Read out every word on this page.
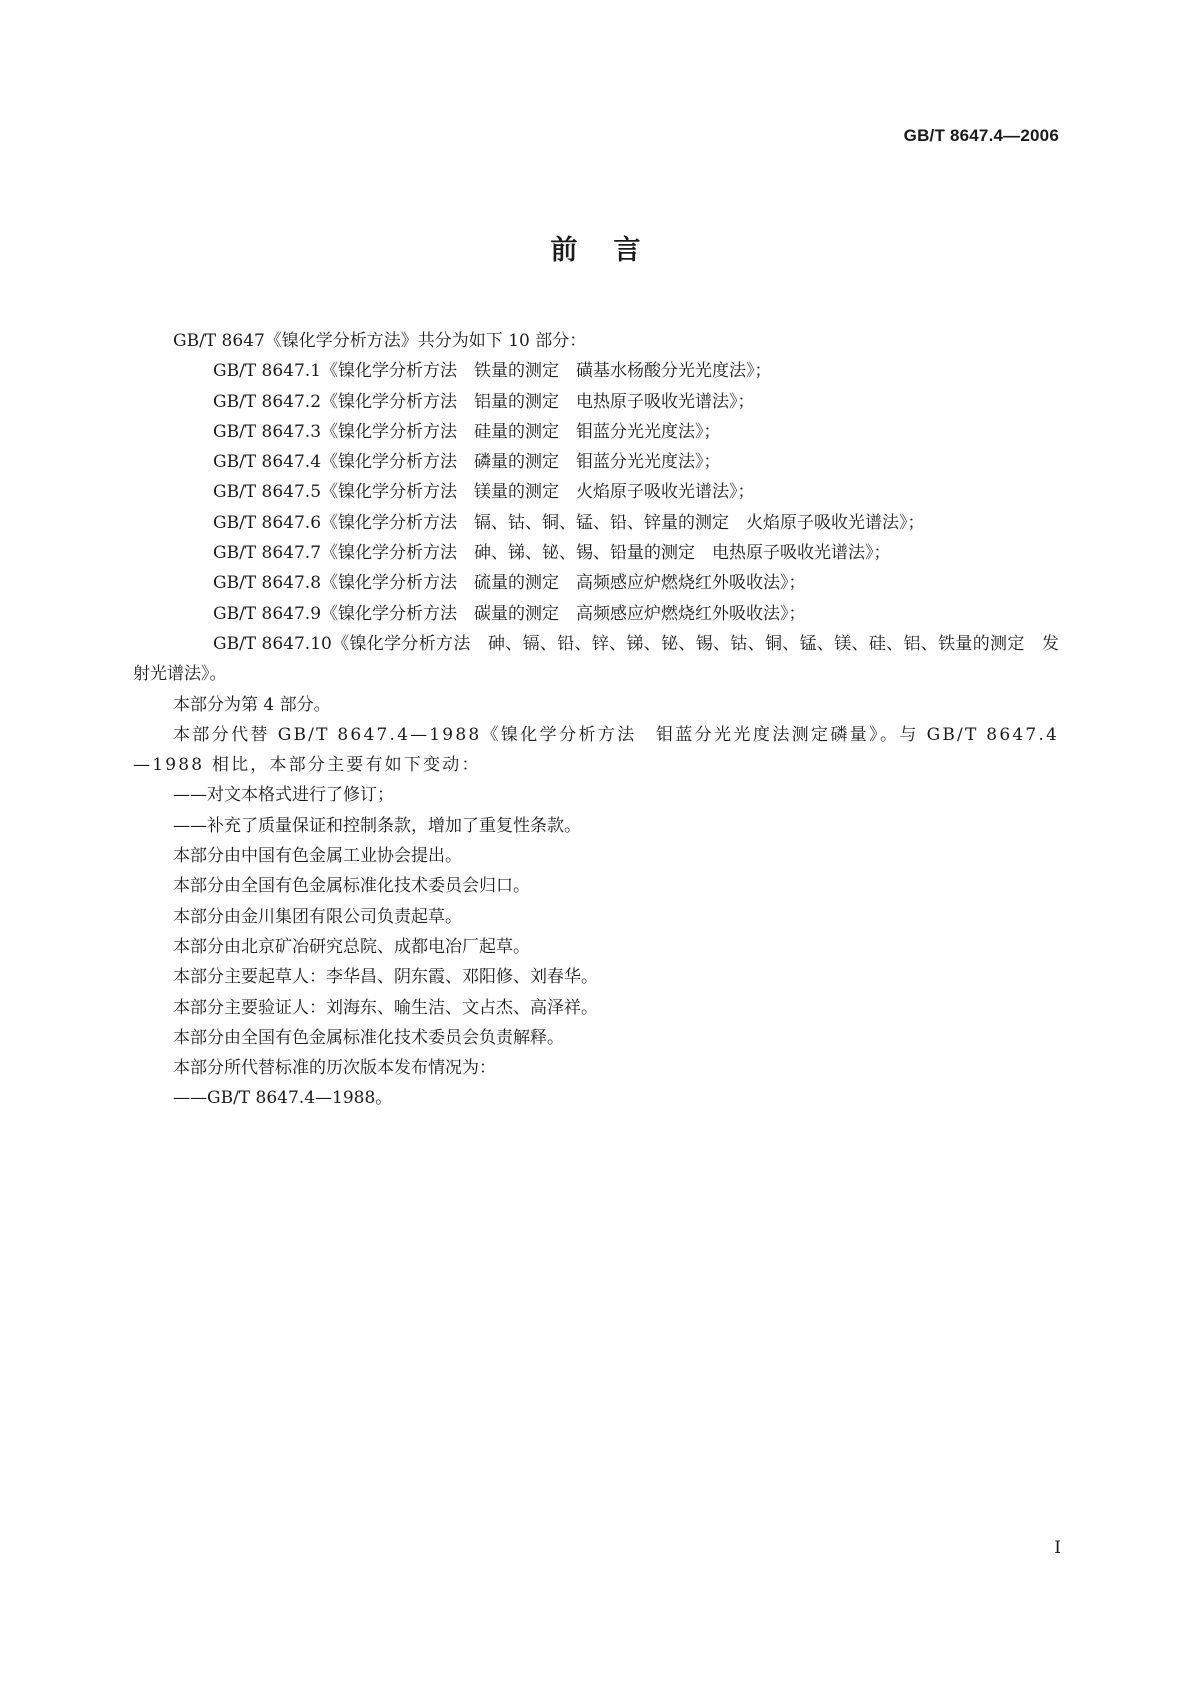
GB/T 8647.4—2006
前言

GB/T 8647《镍化学分析方法》共分为如下 10 部分：

GB/T 8647.1《镍化学分析方法　铁量的测定　磺基水杨酸分光光度法》；

GB/T 8647.2《镍化学分析方法　铝量的测定　电热原子吸收光谱法》；

GB/T 8647.3《镍化学分析方法　硅量的测定　钼蓝分光光度法》；

GB/T 8647.4《镍化学分析方法　磷量的测定　钼蓝分光光度法》；

GB/T 8647.5《镍化学分析方法　镁量的测定　火焰原子吸收光谱法》；

GB/T 8647.6《镍化学分析方法　镉、钴、铜、锰、铅、锌量的测定　火焰原子吸收光谱法》；

GB/T 8647.7《镍化学分析方法　砷、锑、铋、锡、铅量的测定　电热原子吸收光谱法》；

GB/T 8647.8《镍化学分析方法　硫量的测定　高频感应炉燃烧红外吸收法》；

GB/T 8647.9《镍化学分析方法　碳量的测定　高频感应炉燃烧红外吸收法》；

GB/T 8647.10《镍化学分析方法　砷、镉、铅、锌、锑、铋、锡、钴、铜、锰、镁、硅、铝、铁量的测定　发射光谱法》。

本部分为第 4 部分。

本部分代替 GB/T 8647.4—1988《镍化学分析方法　钼蓝分光光度法测定磷量》。与 GB/T 8647.4—1988 相比，本部分主要有如下变动：

——对文本格式进行了修订；

——补充了质量保证和控制条款，增加了重复性条款。

本部分由中国有色金属工业协会提出。

本部分由全国有色金属标准化技术委员会归口。

本部分由金川集团有限公司负责起草。

本部分由北京矿冶研究总院、成都电冶厂起草。

本部分主要起草人：李华昌、阴东霞、邓阳修、刘春华。

本部分主要验证人：刘海东、喻生洁、文占杰、高泽祥。

本部分由全国有色金属标准化技术委员会负责解释。

本部分所代替标准的历次版本发布情况为：

——GB/T 8647.4—1988。

I
